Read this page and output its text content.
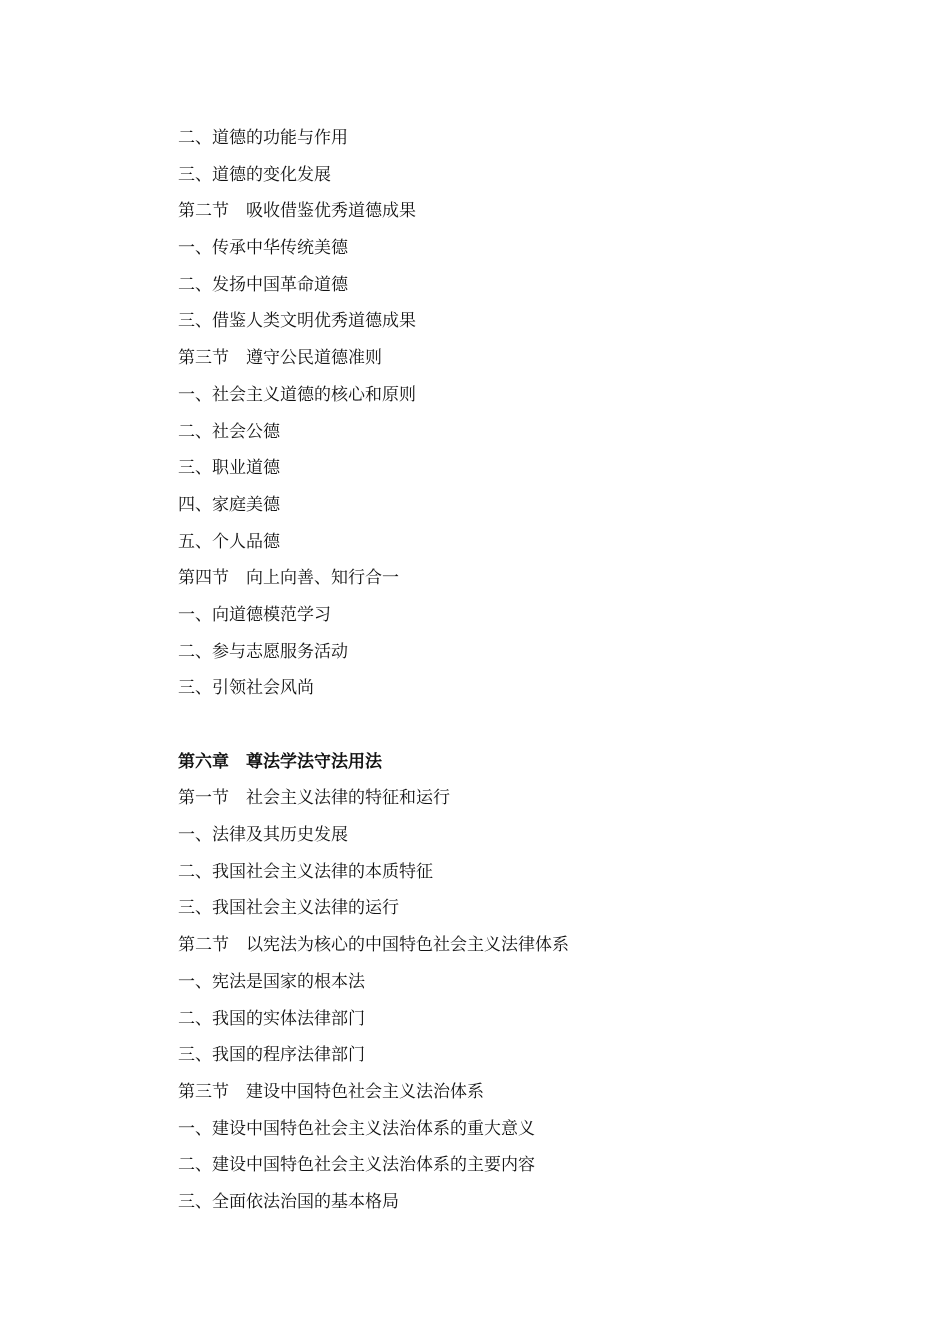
二、道德的功能与作用
三、道德的变化发展
第二节　吸收借鉴优秀道德成果
一、传承中华传统美德
二、发扬中国革命道德
三、借鉴人类文明优秀道德成果
第三节　遵守公民道德准则
一、社会主义道德的核心和原则
二、社会公德
三、职业道德
四、家庭美德
五、个人品德
第四节　向上向善、知行合一
一、向道德模范学习
二、参与志愿服务活动
三、引领社会风尚
第六章　尊法学法守法用法
第一节　社会主义法律的特征和运行
一、法律及其历史发展
二、我国社会主义法律的本质特征
三、我国社会主义法律的运行
第二节　以宪法为核心的中国特色社会主义法律体系
一、宪法是国家的根本法
二、我国的实体法律部门
三、我国的程序法律部门
第三节　建设中国特色社会主义法治体系
一、建设中国特色社会主义法治体系的重大意义
二、建设中国特色社会主义法治体系的主要内容
三、全面依法治国的基本格局
